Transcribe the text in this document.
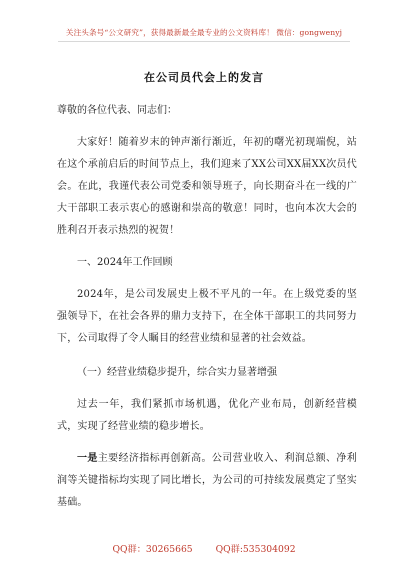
关注头条号“公文研究”，获得最新最全最专业的公文资料库！ 微信：gongwenyj
在公司员代会上的发言

尊敬的各位代表、同志们：

大家好！随着岁末的钟声渐行渐近，年初的曙光初现端倪，站在这个承前启后的时间节点上，我们迎来了XX公司XX届XX次员代会。在此，我谨代表公司党委和领导班子，向长期奋斗在一线的广大干部职工表示衷心的感谢和崇高的敬意！同时，也向本次大会的胜利召开表示热烈的祝贺！

一、2024年工作回顾

2024年，是公司发展史上极不平凡的一年。在上级党委的坚强领导下，在社会各界的鼎力支持下，在全体干部职工的共同努力下，公司取得了令人瞩目的经营业绩和显著的社会效益。

（一）经营业绩稳步提升，综合实力显著增强

过去一年，我们紧抓市场机遇，优化产业布局，创新经营模式，实现了经营业绩的稳步增长。

一是主要经济指标再创新高。公司营业收入、利润总额、净利润等关键指标均实现了同比增长，为公司的可持续发展奠定了坚实基础。

QQ群：30265665 QQ群:535304092
